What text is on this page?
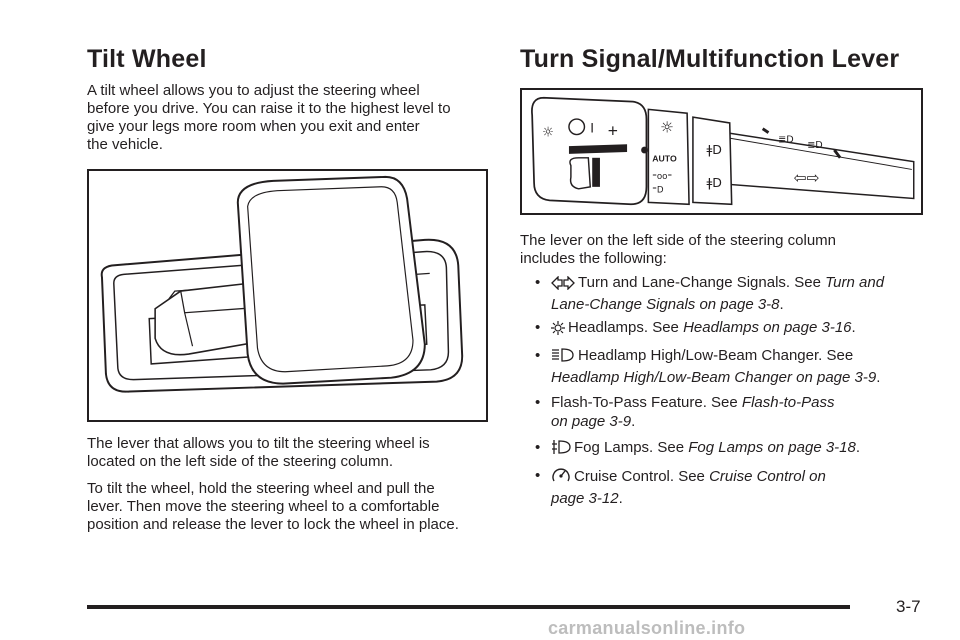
Tilt Wheel

A tilt wheel allows you to adjust the steering wheel

before you drive. You can raise it to the highest level to

give your legs more room when you exit and enter

the vehicle.

The lever that allows you to tilt the steering wheel is

located on the left side of the steering column.

To tilt the wheel, hold the steering wheel and pull the

lever. Then move the steering wheel to a comfortable

position and release the lever to lock the wheel in place.

Turn Signal/Multifunction Lever
☼	I +	☼
AUTO
⁼oo⁼
⁼D
ǂD
ǂD
≣D
≣D
⇦⇨

The lever on the left side of the steering column

includes the following:

•	Turn and Lane-Change Signals. See Turn and
Lane-Change Signals on page 3-8.
•	Headlamps. See Headlamps on page 3-16.
•	Headlamp High/Low-Beam Changer. See
Headlamp High/Low-Beam Changer on page 3-9.
• Flash-To-Pass Feature. See Flash-to-Pass
on page 3-9.
•	Fog Lamps. See Fog Lamps on page 3-18.
•	Cruise Control. See Cruise Control on
page 3-12.
3-7
carmanualsonline.info
